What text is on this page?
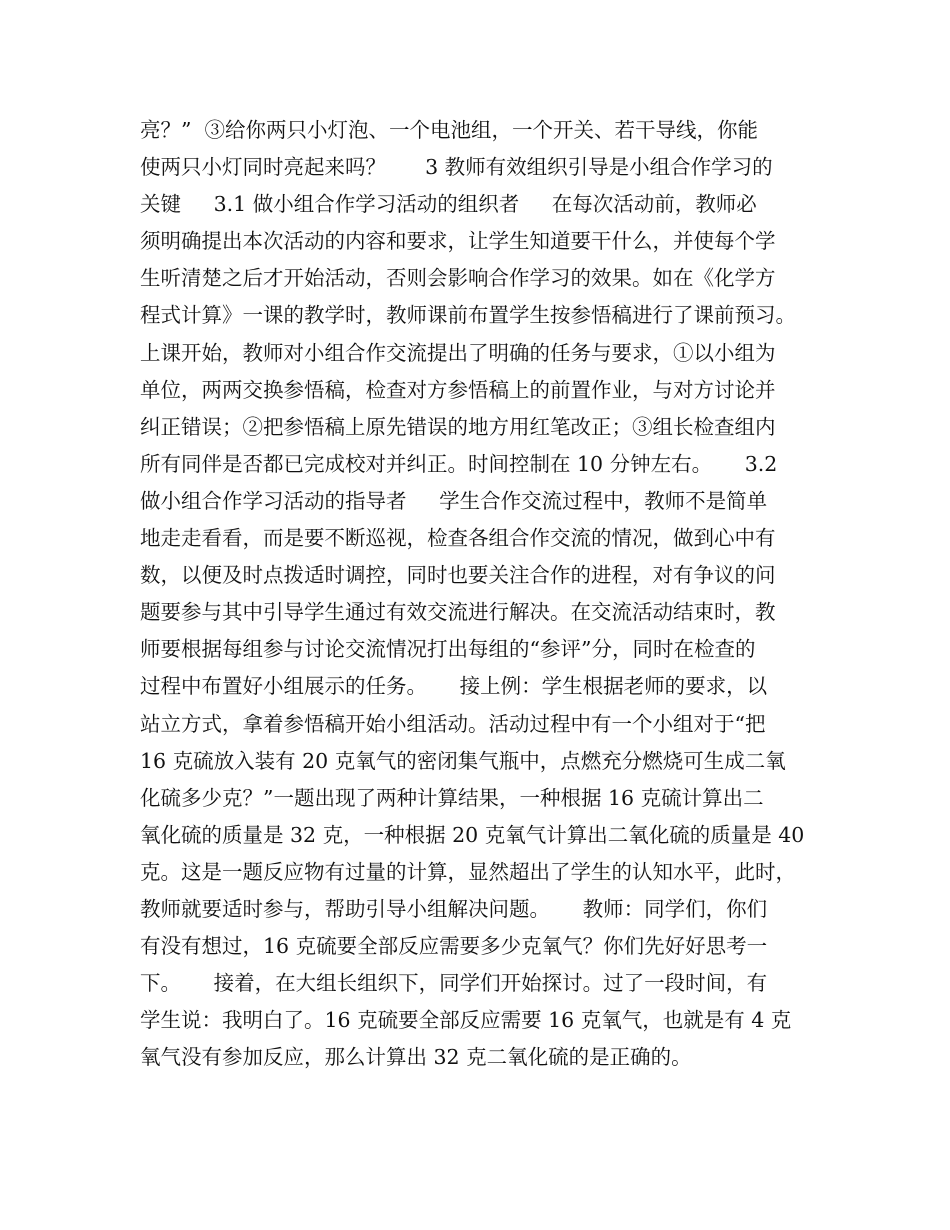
亮？”  ③给你两只小灯泡、一个电池组，一个开关、若干导线，你能
使两只小灯同时亮起来吗？      3 教师有效组织引导是小组合作学习的
关键     3.1 做小组合作学习活动的组织者     在每次活动前，教师必
须明确提出本次活动的内容和要求，让学生知道要干什么，并使每个学
生听清楚之后才开始活动，否则会影响合作学习的效果。如在《化学方
程式计算》一课的教学时，教师课前布置学生按参悟稿进行了课前预习。
上课开始，教师对小组合作交流提出了明确的任务与要求，①以小组为
单位，两两交换参悟稿，检查对方参悟稿上的前置作业，与对方讨论并
纠正错误；②把参悟稿上原先错误的地方用红笔改正；③组长检查组内
所有同伴是否都已完成校对并纠正。时间控制在 10 分钟左右。     3.2
做小组合作学习活动的指导者     学生合作交流过程中，教师不是简单
地走走看看，而是要不断巡视，检查各组合作交流的情况，做到心中有
数，以便及时点拨适时调控，同时也要关注合作的进程，对有争议的问
题要参与其中引导学生通过有效交流进行解决。在交流活动结束时，教
师要根据每组参与讨论交流情况打出每组的“参评”分，同时在检查的
过程中布置好小组展示的任务。     接上例：学生根据老师的要求，以
站立方式，拿着参悟稿开始小组活动。活动过程中有一个小组对于“把
16 克硫放入装有 20 克氧气的密闭集气瓶中，点燃充分燃烧可生成二氧
化硫多少克？”一题出现了两种计算结果，一种根据 16 克硫计算出二
氧化硫的质量是 32 克，一种根据 20 克氧气计算出二氧化硫的质量是 40
克。这是一题反应物有过量的计算，显然超出了学生的认知水平，此时，
教师就要适时参与，帮助引导小组解决问题。     教师：同学们，你们
有没有想过，16 克硫要全部反应需要多少克氧气？你们先好好思考一
下。     接着，在大组长组织下，同学们开始探讨。过了一段时间，有
学生说：我明白了。16 克硫要全部反应需要 16 克氧气，也就是有 4 克
氧气没有参加反应，那么计算出 32 克二氧化硫的是正确的。
